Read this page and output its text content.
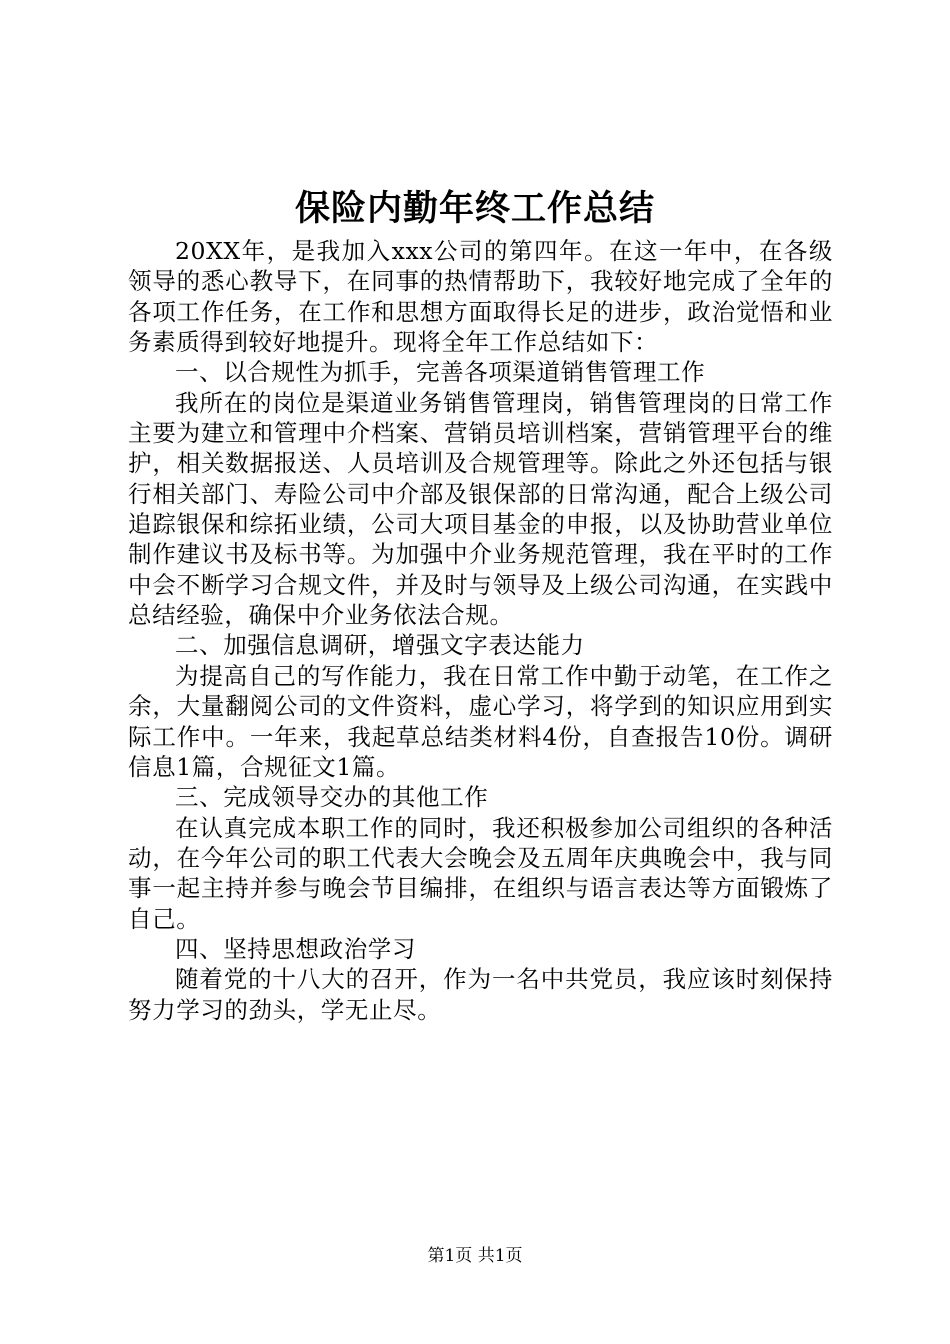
保险内勤年终工作总结

20XX年，是我加入xxx公司的第四年。在这一年中，在各级领导的悉心教导下，在同事的热情帮助下，我较好地完成了全年的各项工作任务，在工作和思想方面取得长足的进步，政治觉悟和业务素质得到较好地提升。现将全年工作总结如下：

一、以合规性为抓手，完善各项渠道销售管理工作

我所在的岗位是渠道业务销售管理岗，销售管理岗的日常工作主要为建立和管理中介档案、营销员培训档案，营销管理平台的维护，相关数据报送、人员培训及合规管理等。除此之外还包括与银行相关部门、寿险公司中介部及银保部的日常沟通，配合上级公司追踪银保和综拓业绩，公司大项目基金的申报，以及协助营业单位制作建议书及标书等。为加强中介业务规范管理，我在平时的工作中会不断学习合规文件，并及时与领导及上级公司沟通，在实践中总结经验，确保中介业务依法合规。

二、加强信息调研，增强文字表达能力

为提高自己的写作能力，我在日常工作中勤于动笔，在工作之余，大量翻阅公司的文件资料，虚心学习，将学到的知识应用到实际工作中。一年来，我起草总结类材料4份，自查报告10份。调研信息1篇，合规征文1篇。

三、完成领导交办的其他工作

在认真完成本职工作的同时，我还积极参加公司组织的各种活动，在今年公司的职工代表大会晚会及五周年庆典晚会中，我与同事一起主持并参与晚会节目编排，在组织与语言表达等方面锻炼了自己。

四、坚持思想政治学习

随着党的十八大的召开，作为一名中共党员，我应该时刻保持努力学习的劲头，学无止尽。

第1页 共1页
